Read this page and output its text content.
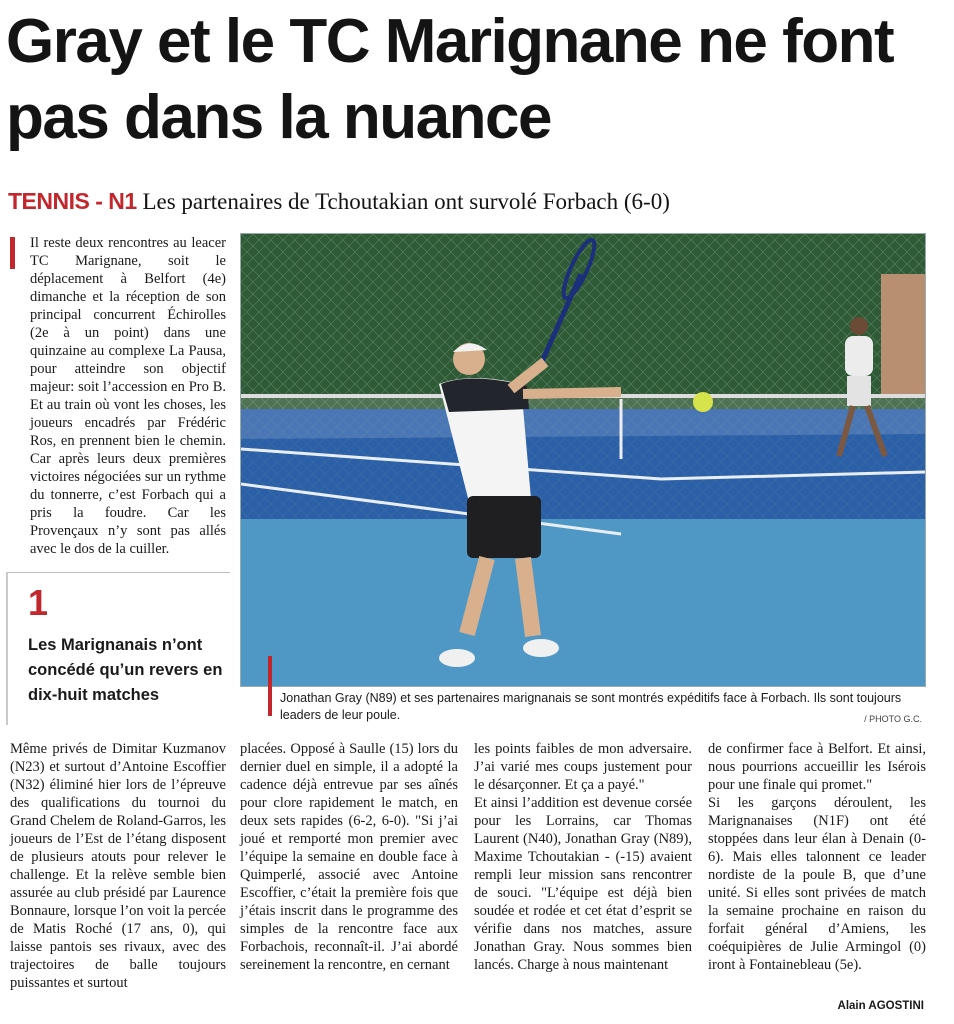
Gray et le TC Marignane ne font pas dans la nuance

TENNIS - N1 Les partenaires de Tchoutakian ont survolé Forbach (6-0)

Il reste deux rencontres au leacer TC Marignane, soit le déplacement à Belfort (4e) dimanche et la réception de son principal concurrent Échirolles (2e à un point) dans une quinzaine au complexe La Pausa, pour atteindre son objectif majeur: soit l’accession en Pro B. Et au train où vont les choses, les joueurs encadrés par Frédéric Ros, en prennent bien le chemin. Car après leurs deux premières victoires négociées sur un rythme du tonnerre, c’est Forbach qui a pris la foudre. Car les Provençaux n’y sont pas allés avec le dos de la cuiller.

1
Les Marignanais n’ont concédé qu’un revers en dix-huit matches	Jonathan Gray (N89) et ses partenaires marignanais se sont montrés expéditifs face à Forbach. Ils sont toujours leaders de leur poule.	/ PHOTO G.C.

Même privés de Dimitar Kuzmanov (N23) et surtout d’Antoine Escoffier (N32) éliminé hier lors de l’épreuve des qualifications du tournoi du Grand Chelem de Roland-Garros, les joueurs de l’Est de l’étang disposent de plusieurs atouts pour relever le challenge. Et la relève semble bien assurée au club présidé par Laurence Bonnaure, lorsque l’on voit la percée de Matis Roché (17 ans, 0), qui laisse pantois ses rivaux, avec des trajectoires de balle toujours puissantes et surtout

placées. Opposé à Saulle (15) lors du dernier duel en simple, il a adopté la cadence déjà entrevue par ses aînés pour clore rapidement le match, en deux sets rapides (6-2, 6-0). "Si j’ai joué et remporté mon premier avec l’équipe la semaine en double face à Quimperlé, associé avec Antoine Escoffier, c’était la première fois que j’étais inscrit dans le programme des simples de la rencontre face aux Forbachois, reconnaît-il. J’ai abordé sereinement la rencontre, en cernant

les points faibles de mon adversaire. J’ai varié mes coups justement pour le désarçonner. Et ça a payé."
Et ainsi l’addition est devenue corsée pour les Lorrains, car Thomas Laurent (N40), Jonathan Gray (N89), Maxime Tchoutakian - (-15) avaient rempli leur mission sans rencontrer de souci. "L’équipe est déjà bien soudée et rodée et cet état d’esprit se vérifie dans nos matches, assure Jonathan Gray. Nous sommes bien lancés. Charge à nous maintenant

de confirmer face à Belfort. Et ainsi, nous pourrions accueillir les Isérois pour une finale qui promet."
Si les garçons déroulent, les Marignanaises (N1F) ont été stoppées dans leur élan à Denain (0-6). Mais elles talonnent ce leader nordiste de la poule B, que d’une unité. Si elles sont privées de match la semaine prochaine en raison du forfait général d’Amiens, les coéquipières de Julie Armingol (0) iront à Fontainebleau (5e).

Alain AGOSTINI
